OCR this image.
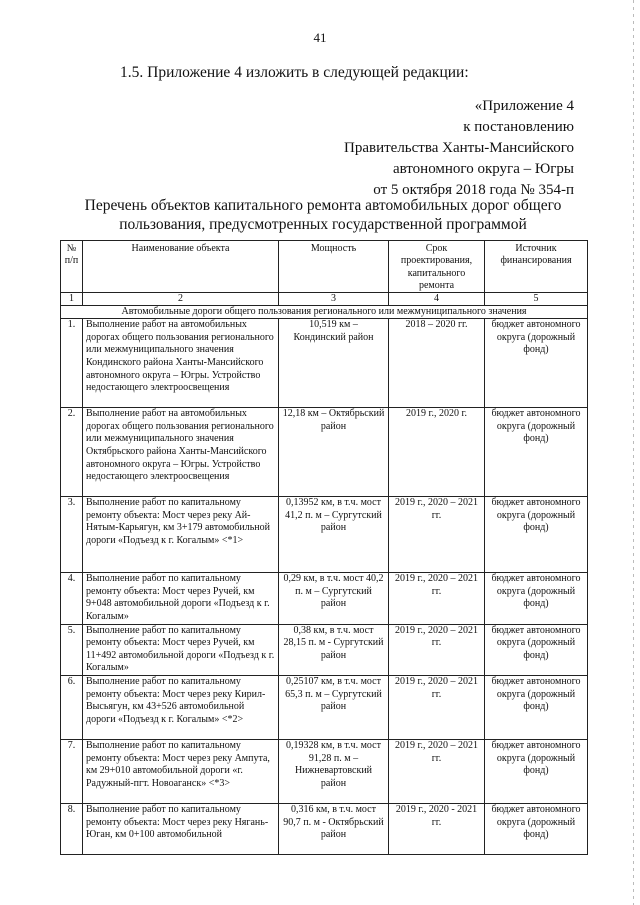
41
1.5. Приложение 4 изложить в следующей редакции:
«Приложение 4
к постановлению
Правительства Ханты-Мансийского
автономного округа – Югры
от 5 октября 2018 года № 354-п
Перечень объектов капитального ремонта автомобильных дорог общего
пользования, предусмотренных государственной программой
№ п/п	Наименование объекта	Мощность	Срок проектирования, капитального ремонта	Источник финансирования
1	2	3	4	5
Автомобильные дороги общего пользования регионального или межмуниципального значения				
1.	Выполнение работ на автомобильных дорогах общего пользования регионального или межмуниципального значения Кондинского района Ханты-Мансийского автономного округа – Югры. Устройство недостающего электроосвещения	10,519 км – Кондинский район	2018 – 2020 гг.	бюджет автономного округа (дорожный фонд)
2.	Выполнение работ на автомобильных дорогах общего пользования регионального или межмуниципального значения Октябрьского района Ханты-Мансийского автономного округа – Югры. Устройство недостающего электроосвещения	12,18 км – Октябрьский район	2019 г., 2020 г.	бюджет автономного округа (дорожный фонд)
3.	Выполнение работ по капитальному ремонту объекта: Мост через реку Ай-Нятым-Карьягун, км 3+179 автомобильной дороги «Подъезд к г. Когалым» <*1>	0,13952 км, в т.ч. мост 41,2 п. м – Сургутский район	2019 г., 2020 – 2021 гг.	бюджет автономного округа (дорожный фонд)
4.	Выполнение работ по капитальному ремонту объекта: Мост через Ручей, км 9+048 автомобильной дороги «Подъезд к г. Когалым»	0,29 км, в т.ч. мост 40,2 п. м – Сургутский район	2019 г., 2020 – 2021 гг.	бюджет автономного округа (дорожный фонд)
5.	Выполнение работ по капитальному ремонту объекта: Мост через Ручей, км 11+492 автомобильной дороги «Подъезд к г. Когалым»	0,38 км, в т.ч. мост 28,15 п. м - Сургутский район	2019 г., 2020 – 2021 гг.	бюджет автономного округа (дорожный фонд)
6.	Выполнение работ по капитальному ремонту объекта: Мост через реку Кирил-Высьягун, км 43+526 автомобильной дороги «Подъезд к г. Когалым» <*2>	0,25107 км, в т.ч. мост 65,3 п. м – Сургутский район	2019 г., 2020 – 2021 гг.	бюджет автономного округа (дорожный фонд)
7.	Выполнение работ по капитальному ремонту объекта: Мост через реку Ампута, км 29+010 автомобильной дороги «г. Радужный-пгт. Новоаганск» <*3>	0,19328 км, в т.ч. мост 91,28 п. м – Нижневартовский район	2019 г., 2020 – 2021 гг.	бюджет автономного округа (дорожный фонд)
8.	Выполнение работ по капитальному ремонту объекта: Мост через реку Нягань-Юган, км 0+100 автомобильной	0,316 км, в т.ч. мост 90,7 п. м - Октябрьский район	2019 г., 2020 - 2021 гг.	бюджет автономного округа (дорожный фонд)
